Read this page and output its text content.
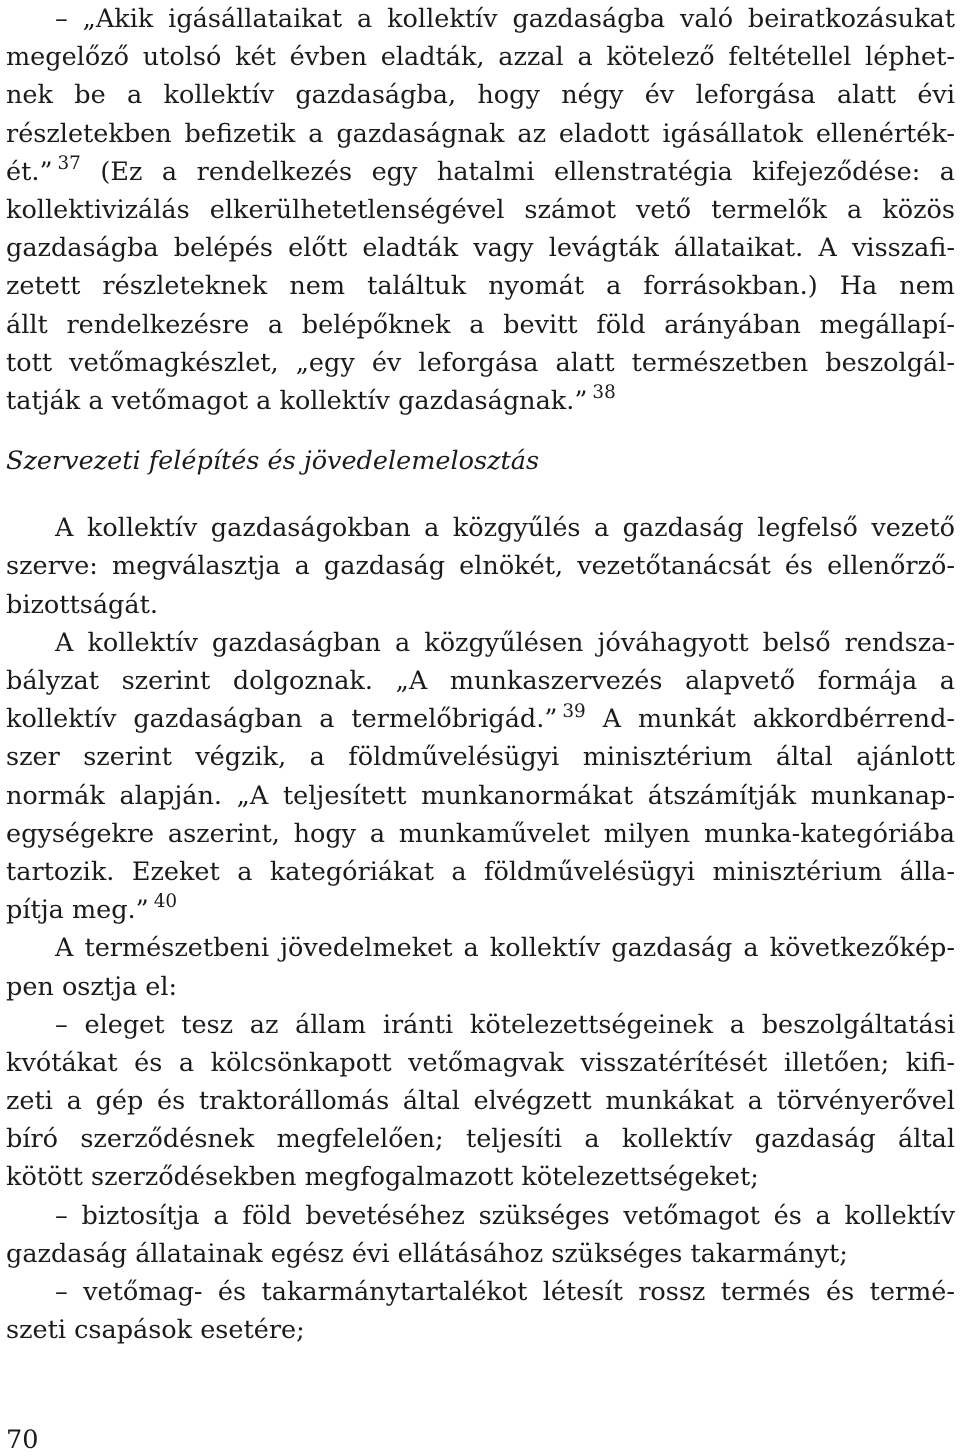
– „Akik igásállataikat a kollektív gazdaságba való beiratkozásukat
megelőző utolsó két évben eladták, azzal a kötelező feltétellel léphet-
nek be a kollektív gazdaságba, hogy négy év leforgása alatt évi
részletekben befizetik a gazdaságnak az eladott igásállatok ellenérték-
ét.” $^{37}$ (Ez a rendelkezés egy hatalmi ellenstratégia kifejeződése: a
kollektivizálás elkerülhetetlenségével számot vető termelők a közös
gazdaságba belépés előtt eladták vagy levágták állataikat. A visszafi-
zetett részleteknek nem találtuk nyomát a forrásokban.) Ha nem
állt rendelkezésre a belépőknek a bevitt föld arányában megállapí-
tott vetőmagkészlet, „egy év leforgása alatt természetben beszolgál-
tatják a vetőmagot a kollektív gazdaságnak.” $^{38}$
Szervezeti felépítés és jövedelemelosztás
A kollektív gazdaságokban a közgyűlés a gazdaság legfelső vezető
szerve: megválasztja a gazdaság elnökét, vezetőtanácsát és ellenőrző-
bizottságát.
A kollektív gazdaságban a közgyűlésen jóváhagyott belső rendsza-
bályzat szerint dolgoznak. „A munkaszervezés alapvető formája a
kollektív gazdaságban a termelőbrigád.” $^{39}$ A munkát akkordbérrend-
szer szerint végzik, a földművelésügyi minisztérium által ajánlott
normák alapján. „A teljesített munkanormákat átszámítják munkanap-
egységekre aszerint, hogy a munkaművelet milyen munka-kategóriába
tartozik. Ezeket a kategóriákat a földművelésügyi minisztérium álla-
pítja meg.” $^{40}$
A természetbeni jövedelmeket a kollektív gazdaság a következőkép-
pen osztja el:
– eleget tesz az állam iránti kötelezettségeinek a beszolgáltatási
kvótákat és a kölcsönkapott vetőmagvak visszatérítését illetően; kifi-
zeti a gép és traktorállomás által elvégzett munkákat a törvényerővel
bíró szerződésnek megfelelően; teljesíti a kollektív gazdaság által
kötött szerződésekben megfogalmazott kötelezettségeket;
– biztosítja a föld bevetéséhez szükséges vetőmagot és a kollektív
gazdaság állatainak egész évi ellátásához szükséges takarmányt;
– vetőmag- és takarmánytartalékot létesít rossz termés és termé-
szeti csapások esetére;
70
